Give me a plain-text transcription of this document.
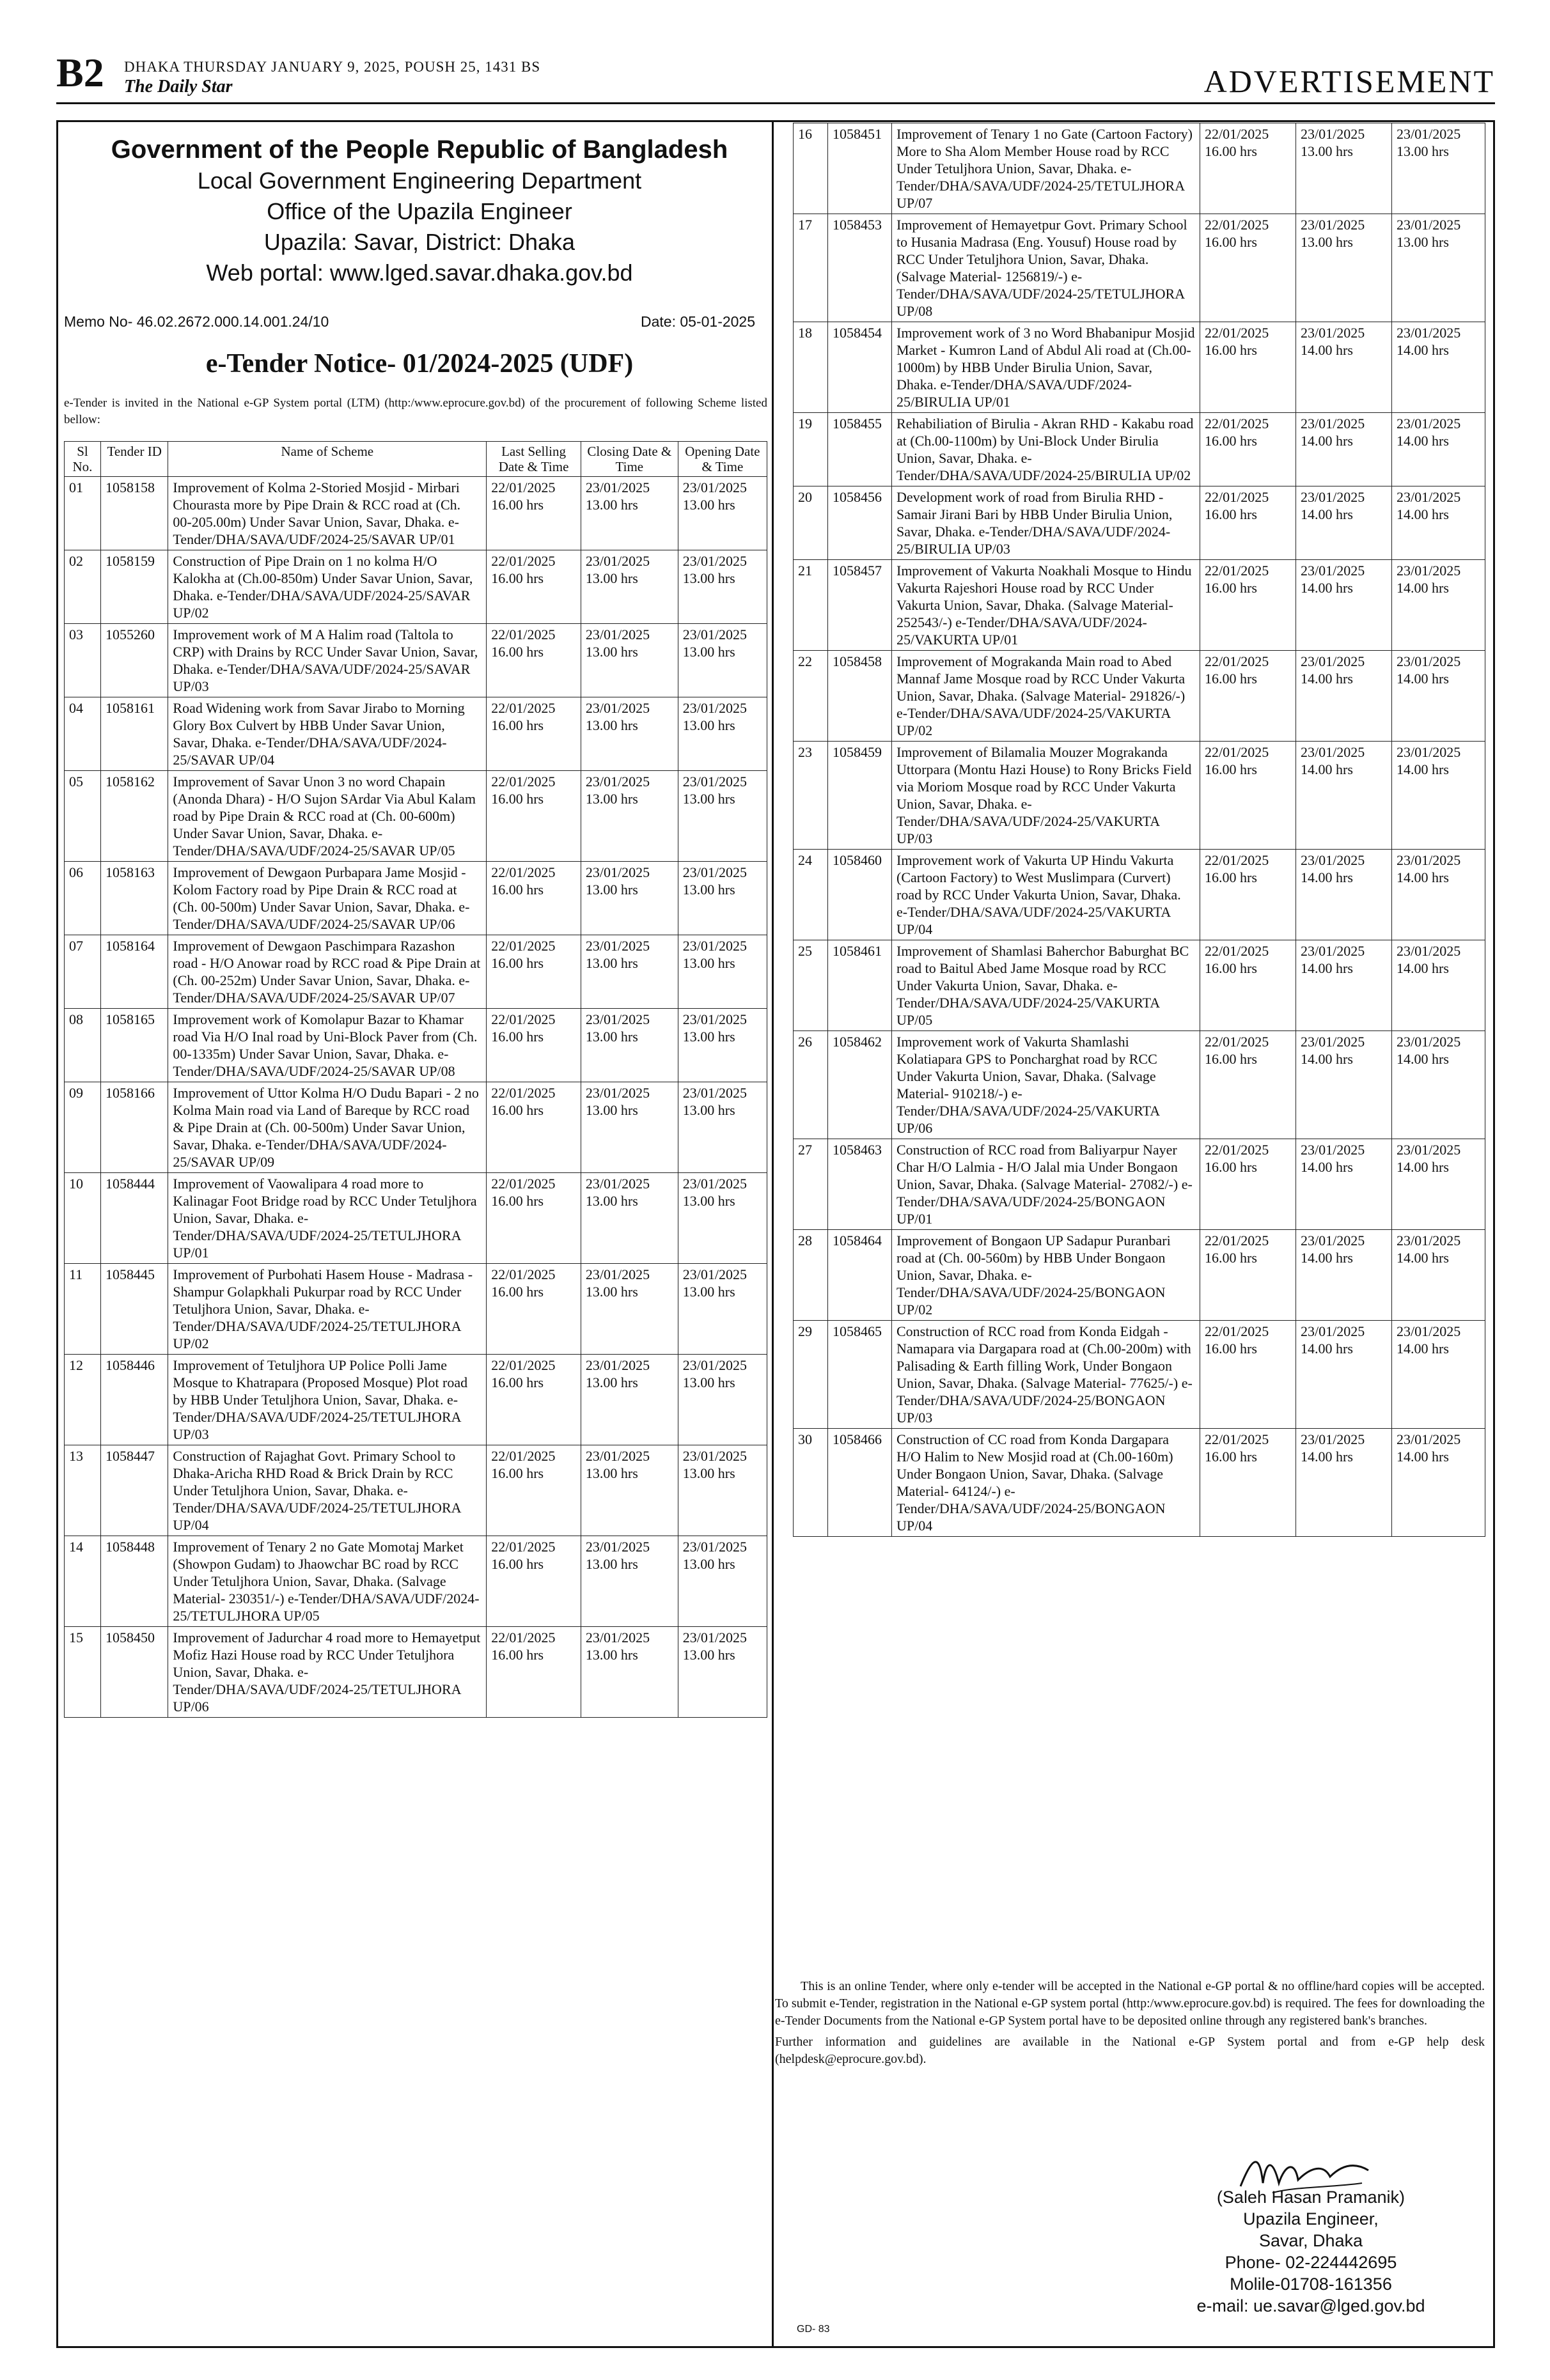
B2 DHAKA THURSDAY JANUARY 9, 2025, POUSH 25, 1431 BS
The Daily Star	ADVERTISEMENT
Government of the People Republic of Bangladesh
Local Government Engineering Department
Office of the Upazila Engineer
Upazila: Savar, District: Dhaka
Web portal: www.lged.savar.dhaka.gov.bd
Memo No- 46.02.2672.000.14.001.24/10	Date: 05-01-2025
e-Tender Notice- 01/2024-2025 (UDF)
e-Tender is invited in the National e-GP System portal (LTM) (http:/www.eprocure.gov.bd) of the procurement of following Scheme listed bellow:
Sl No.	Tender ID	Name of Scheme	Last Selling Date & Time	Closing Date & Time	Opening Date & Time
01	1058158	Improvement of Kolma 2-Storied Mosjid - Mirbari Chourasta more by Pipe Drain & RCC road at (Ch. 00-205.00m) Under Savar Union, Savar, Dhaka. e-Tender/DHA/SAVA/UDF/2024-25/SAVAR UP/01	22/01/2025 16.00 hrs	23/01/2025 13.00 hrs	23/01/2025 13.00 hrs
02	1058159	Construction of Pipe Drain on 1 no kolma H/O Kalokha at (Ch.00-850m) Under Savar Union, Savar, Dhaka. e-Tender/DHA/SAVA/UDF/2024-25/SAVAR UP/02	22/01/2025 16.00 hrs	23/01/2025 13.00 hrs	23/01/2025 13.00 hrs
03	1055260	Improvement work of M A Halim road (Taltola to CRP) with Drains by RCC Under Savar Union, Savar, Dhaka. e-Tender/DHA/SAVA/UDF/2024-25/SAVAR UP/03	22/01/2025 16.00 hrs	23/01/2025 13.00 hrs	23/01/2025 13.00 hrs
04	1058161	Road Widening work from Savar Jirabo to Morning Glory Box Culvert by HBB Under Savar Union, Savar, Dhaka. e-Tender/DHA/SAVA/UDF/2024-25/SAVAR UP/04	22/01/2025 16.00 hrs	23/01/2025 13.00 hrs	23/01/2025 13.00 hrs
05	1058162	Improvement of Savar Unon 3 no word Chapain (Anonda Dhara) - H/O Sujon SArdar Via Abul Kalam road by Pipe Drain & RCC road at (Ch. 00-600m) Under Savar Union, Savar, Dhaka. e-Tender/DHA/SAVA/UDF/2024-25/SAVAR UP/05	22/01/2025 16.00 hrs	23/01/2025 13.00 hrs	23/01/2025 13.00 hrs
06	1058163	Improvement of Dewgaon Purbapara Jame Mosjid - Kolom Factory road by Pipe Drain & RCC road at (Ch. 00-500m) Under Savar Union, Savar, Dhaka. e-Tender/DHA/SAVA/UDF/2024-25/SAVAR UP/06	22/01/2025 16.00 hrs	23/01/2025 13.00 hrs	23/01/2025 13.00 hrs
07	1058164	Improvement of Dewgaon Paschimpara Razashon road - H/O Anowar road by RCC road & Pipe Drain at (Ch. 00-252m) Under Savar Union, Savar, Dhaka. e-Tender/DHA/SAVA/UDF/2024-25/SAVAR UP/07	22/01/2025 16.00 hrs	23/01/2025 13.00 hrs	23/01/2025 13.00 hrs
08	1058165	Improvement work of Komolapur Bazar to Khamar road Via H/O Inal road by Uni-Block Paver from (Ch. 00-1335m) Under Savar Union, Savar, Dhaka. e-Tender/DHA/SAVA/UDF/2024-25/SAVAR UP/08	22/01/2025 16.00 hrs	23/01/2025 13.00 hrs	23/01/2025 13.00 hrs
09	1058166	Improvement of Uttor Kolma H/O Dudu Bapari - 2 no Kolma Main road via Land of Bareque by RCC road & Pipe Drain at (Ch. 00-500m) Under Savar Union, Savar, Dhaka. e-Tender/DHA/SAVA/UDF/2024-25/SAVAR UP/09	22/01/2025 16.00 hrs	23/01/2025 13.00 hrs	23/01/2025 13.00 hrs
10	1058444	Improvement of Vaowalipara 4 road more to Kalinagar Foot Bridge road by RCC Under Tetuljhora Union, Savar, Dhaka. e-Tender/DHA/SAVA/UDF/2024-25/TETULJHORA UP/01	22/01/2025 16.00 hrs	23/01/2025 13.00 hrs	23/01/2025 13.00 hrs
11	1058445	Improvement of Purbohati Hasem House - Madrasa - Shampur Golapkhali Pukurpar road by RCC Under Tetuljhora Union, Savar, Dhaka. e-Tender/DHA/SAVA/UDF/2024-25/TETULJHORA UP/02	22/01/2025 16.00 hrs	23/01/2025 13.00 hrs	23/01/2025 13.00 hrs
12	1058446	Improvement of Tetuljhora UP Police Polli Jame Mosque to Khatrapara (Proposed Mosque) Plot road by HBB Under Tetuljhora Union, Savar, Dhaka. e-Tender/DHA/SAVA/UDF/2024-25/TETULJHORA UP/03	22/01/2025 16.00 hrs	23/01/2025 13.00 hrs	23/01/2025 13.00 hrs
13	1058447	Construction of Rajaghat Govt. Primary School to Dhaka-Aricha RHD Road & Brick Drain by RCC Under Tetuljhora Union, Savar, Dhaka. e-Tender/DHA/SAVA/UDF/2024-25/TETULJHORA UP/04	22/01/2025 16.00 hrs	23/01/2025 13.00 hrs	23/01/2025 13.00 hrs
14	1058448	Improvement of Tenary 2 no Gate Momotaj Market (Showpon Gudam) to Jhaowchar BC road by RCC Under Tetuljhora Union, Savar, Dhaka. (Salvage Material- 230351/-) e-Tender/DHA/SAVA/UDF/2024-25/TETULJHORA UP/05	22/01/2025 16.00 hrs	23/01/2025 13.00 hrs	23/01/2025 13.00 hrs
15	1058450	Improvement of Jadurchar 4 road more to Hemayetput Mofiz Hazi House road by RCC Under Tetuljhora Union, Savar, Dhaka. e-Tender/DHA/SAVA/UDF/2024-25/TETULJHORA UP/06	22/01/2025 16.00 hrs	23/01/2025 13.00 hrs	23/01/2025 13.00 hrs
16	1058451	Improvement of Tenary 1 no Gate (Cartoon Factory) More to Sha Alom Member House road by RCC Under Tetuljhora Union, Savar, Dhaka. e-Tender/DHA/SAVA/UDF/2024-25/TETULJHORA UP/07	22/01/2025 16.00 hrs	23/01/2025 13.00 hrs	23/01/2025 13.00 hrs
17	1058453	Improvement of Hemayetpur Govt. Primary School to Husania Madrasa (Eng. Yousuf) House road by RCC Under Tetuljhora Union, Savar, Dhaka. (Salvage Material- 1256819/-) e-Tender/DHA/SAVA/UDF/2024-25/TETULJHORA UP/08	22/01/2025 16.00 hrs	23/01/2025 13.00 hrs	23/01/2025 13.00 hrs
18	1058454	Improvement work of 3 no Word Bhabanipur Mosjid Market - Kumron Land of Abdul Ali road at (Ch.00-1000m) by HBB Under Birulia Union, Savar, Dhaka. e-Tender/DHA/SAVA/UDF/2024-25/BIRULIA UP/01	22/01/2025 16.00 hrs	23/01/2025 14.00 hrs	23/01/2025 14.00 hrs
19	1058455	Rehabiliation of Birulia - Akran RHD - Kakabu road at (Ch.00-1100m) by Uni-Block Under Birulia Union, Savar, Dhaka. e-Tender/DHA/SAVA/UDF/2024-25/BIRULIA UP/02	22/01/2025 16.00 hrs	23/01/2025 14.00 hrs	23/01/2025 14.00 hrs
20	1058456	Development work of road from Birulia RHD - Samair Jirani Bari by HBB Under Birulia Union, Savar, Dhaka. e-Tender/DHA/SAVA/UDF/2024-25/BIRULIA UP/03	22/01/2025 16.00 hrs	23/01/2025 14.00 hrs	23/01/2025 14.00 hrs
21	1058457	Improvement of Vakurta Noakhali Mosque to Hindu Vakurta Rajeshori House road by RCC Under Vakurta Union, Savar, Dhaka. (Salvage Material- 252543/-) e-Tender/DHA/SAVA/UDF/2024-25/VAKURTA UP/01	22/01/2025 16.00 hrs	23/01/2025 14.00 hrs	23/01/2025 14.00 hrs
22	1058458	Improvement of Mograkanda Main road to Abed Mannaf Jame Mosque road by RCC Under Vakurta Union, Savar, Dhaka. (Salvage Material- 291826/-) e-Tender/DHA/SAVA/UDF/2024-25/VAKURTA UP/02	22/01/2025 16.00 hrs	23/01/2025 14.00 hrs	23/01/2025 14.00 hrs
23	1058459	Improvement of Bilamalia Mouzer Mograkanda Uttorpara (Montu Hazi House) to Rony Bricks Field via Moriom Mosque road by RCC Under Vakurta Union, Savar, Dhaka. e-Tender/DHA/SAVA/UDF/2024-25/VAKURTA UP/03	22/01/2025 16.00 hrs	23/01/2025 14.00 hrs	23/01/2025 14.00 hrs
24	1058460	Improvement work of Vakurta UP Hindu Vakurta (Cartoon Factory) to West Muslimpara (Curvert) road by RCC Under Vakurta Union, Savar, Dhaka. e-Tender/DHA/SAVA/UDF/2024-25/VAKURTA UP/04	22/01/2025 16.00 hrs	23/01/2025 14.00 hrs	23/01/2025 14.00 hrs
25	1058461	Improvement of Shamlasi Baherchor Baburghat BC road to Baitul Abed Jame Mosque road by RCC Under Vakurta Union, Savar, Dhaka. e-Tender/DHA/SAVA/UDF/2024-25/VAKURTA UP/05	22/01/2025 16.00 hrs	23/01/2025 14.00 hrs	23/01/2025 14.00 hrs
26	1058462	Improvement work of Vakurta Shamlashi Kolatiapara GPS to Poncharghat road by RCC Under Vakurta Union, Savar, Dhaka. (Salvage Material- 910218/-) e-Tender/DHA/SAVA/UDF/2024-25/VAKURTA UP/06	22/01/2025 16.00 hrs	23/01/2025 14.00 hrs	23/01/2025 14.00 hrs
27	1058463	Construction of RCC road from Baliyarpur Nayer Char H/O Lalmia - H/O Jalal mia Under Bongaon Union, Savar, Dhaka. (Salvage Material- 27082/-) e-Tender/DHA/SAVA/UDF/2024-25/BONGAON UP/01	22/01/2025 16.00 hrs	23/01/2025 14.00 hrs	23/01/2025 14.00 hrs
28	1058464	Improvement of Bongaon UP Sadapur Puranbari road at (Ch. 00-560m) by HBB Under Bongaon Union, Savar, Dhaka. e-Tender/DHA/SAVA/UDF/2024-25/BONGAON UP/02	22/01/2025 16.00 hrs	23/01/2025 14.00 hrs	23/01/2025 14.00 hrs
29	1058465	Construction of RCC road from Konda Eidgah - Namapara via Dargapara road at (Ch.00-200m) with Palisading & Earth filling Work, Under Bongaon Union, Savar, Dhaka. (Salvage Material- 77625/-) e-Tender/DHA/SAVA/UDF/2024-25/BONGAON UP/03	22/01/2025 16.00 hrs	23/01/2025 14.00 hrs	23/01/2025 14.00 hrs
30	1058466	Construction of CC road from Konda Dargapara H/O Halim to New Mosjid road at (Ch.00-160m) Under Bongaon Union, Savar, Dhaka. (Salvage Material- 64124/-) e-Tender/DHA/SAVA/UDF/2024-25/BONGAON UP/04	22/01/2025 16.00 hrs	23/01/2025 14.00 hrs	23/01/2025 14.00 hrs
This is an online Tender, where only e-tender will be accepted in the National e-GP portal & no offline/hard copies will be accepted. To submit e-Tender, registration in the National e-GP system portal (http:/www.eprocure.gov.bd) is required. The fees for downloading the e-Tender Documents from the National e-GP System portal have to be deposited online through any registered bank's branches.
Further information and guidelines are available in the National e-GP System portal and from e-GP help desk (helpdesk@eprocure.gov.bd).
(Saleh Hasan Pramanik)
Upazila Engineer,
Savar, Dhaka
Phone- 02-224442695
Molile-01708-161356
e-mail: ue.savar@lged.gov.bd
GD- 83
